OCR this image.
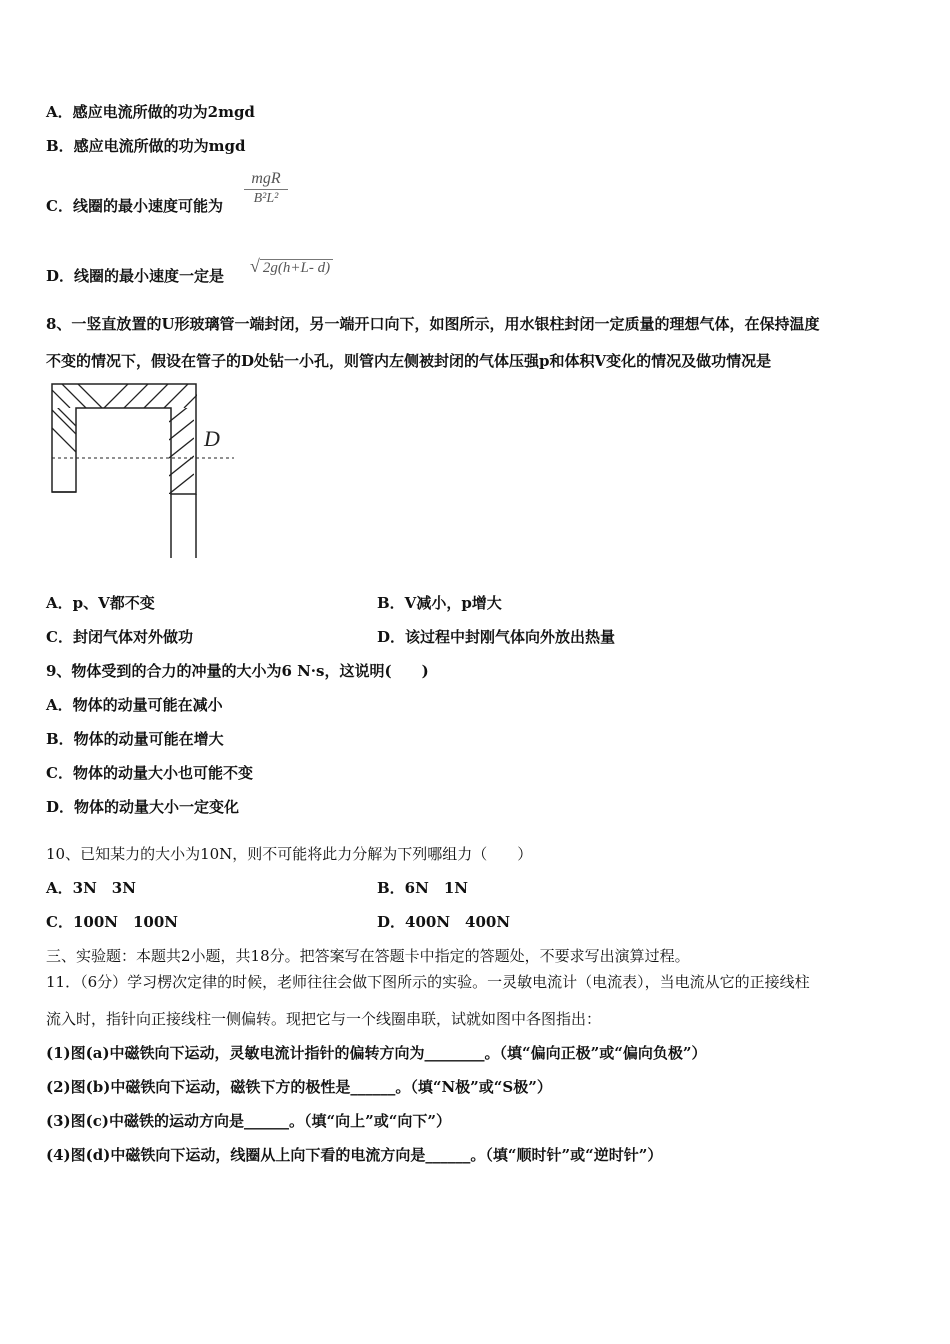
A．感应电流所做的功为2mgd
B．感应电流所做的功为mgd
C．线圈的最小速度可能为
mgR
B²L²
D．线圈的最小速度一定是 √ 2g(h+L- d)
8、一竖直放置的U形玻璃管一端封闭，另一端开口向下，如图所示，用水银柱封闭一定质量的理想气体，在保持温度
不变的情况下，假设在管子的D处钻一小孔，则管内左侧被封闭的气体压强p和体积V变化的情况及做功情况是
D
A．p、V都不变	B．V减小，p增大
C．封闭气体对外做功	D．该过程中封刚气体向外放出热量
9、物体受到的合力的冲量的大小为6 N·s，这说明(　　)
A．物体的动量可能在减小
B．物体的动量可能在增大
C．物体的动量大小也可能不变
D．物体的动量大小一定变化
10、已知某力的大小为10N，则不可能将此力分解为下列哪组力（　　）
A．3N　3N	B．6N　1N
C．100N　100N	D．400N　400N
三、实验题：本题共2小题，共18分。把答案写在答题卡中指定的答题处，不要求写出演算过程。
11．（6分）学习楞次定律的时候，老师往往会做下图所示的实验。一灵敏电流计（电流表），当电流从它的正接线柱
流入时，指针向正接线柱一侧偏转。现把它与一个线圈串联，试就如图中各图指出：
(1)图(a)中磁铁向下运动，灵敏电流计指针的偏转方向为________。（填“偏向正极”或“偏向负极”）
(2)图(b)中磁铁向下运动，磁铁下方的极性是______。（填“N极”或“S极”）
(3)图(c)中磁铁的运动方向是______。（填“向上”或“向下”）
(4)图(d)中磁铁向下运动，线圈从上向下看的电流方向是______。（填“顺时针”或“逆时针”）
